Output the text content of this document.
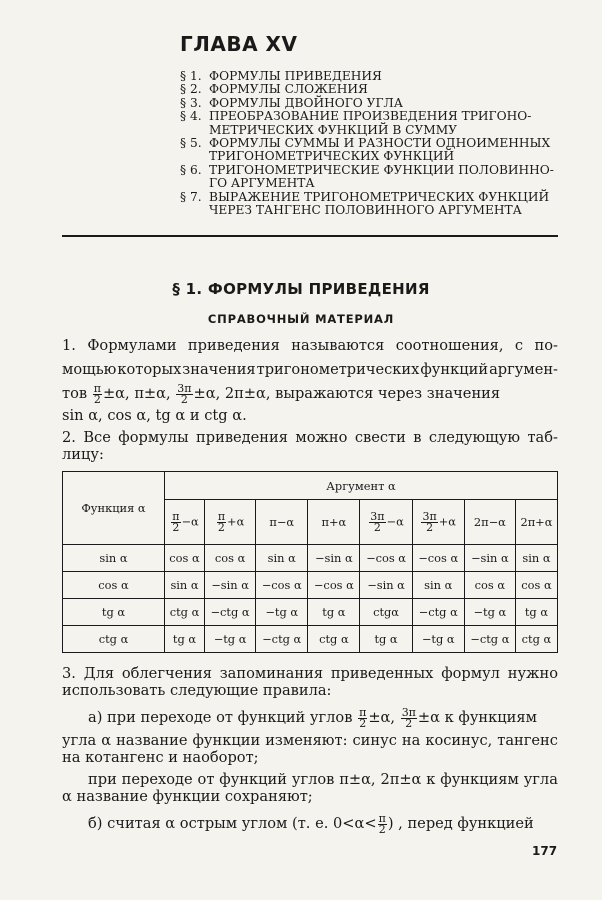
ГЛАВА XV
§ 1. ФОРМУЛЫ ПРИВЕДЕНИЯ
§ 2. ФОРМУЛЫ СЛОЖЕНИЯ
§ 3. ФОРМУЛЫ ДВОЙНОГО УГЛА
§ 4. ПРЕОБРАЗОВАНИЕ ПРОИЗВЕДЕНИЯ ТРИГОНО-
МЕТРИЧЕСКИХ ФУНКЦИЙ В СУММУ
§ 5. ФОРМУЛЫ СУММЫ И РАЗНОСТИ ОДНОИМЕННЫХ
ТРИГОНОМЕТРИЧЕСКИХ ФУНКЦИЙ
§ 6. ТРИГОНОМЕТРИЧЕСКИЕ ФУНКЦИИ ПОЛОВИННО-
ГО АРГУМЕНТА
§ 7. ВЫРАЖЕНИЕ ТРИГОНОМЕТРИЧЕСКИХ ФУНКЦИЙ
ЧЕРЕЗ ТАНГЕНС ПОЛОВИННОГО АРГУМЕНТА
§ 1. ФОРМУЛЫ ПРИВЕДЕНИЯ
СПРАВОЧНЫЙ МАТЕРИАЛ
1. Формулами приведения называются соотношения, с по-
мощью которых значения тригонометрических функций аргумен-
тов $\frac{\pi}{2} \pm\alpha$, π±α, $\frac{3\pi}{2} \pm\alpha$, 2π±α, выражаются через значения
sin α, cos α, tg α и ctg α.
2. Все формулы приведения можно свести в следующую таб-
лицу:
Функция α	Аргумент α							

	$\frac{\pi}{2} -\alpha$	$\frac{\pi}{2} +\alpha$	π−α	π+α	$\frac{3\pi}{2} -\alpha$	$\frac{3\pi}{2} +\alpha$	2π−α	2π+α
sin α	cos α	cos α	sin α	−sin α	−cos α	−cos α	−sin α	sin α
cos α	sin α	−sin α	−cos α	−cos α	−sin α	sin α	cos α	cos α
tg α	ctg α	−ctg α	−tg α	tg α	ctgα	−ctg α	−tg α	tg α
ctg α	tg α	−tg α	−ctg α	ctg α	tg α	−tg α	−ctg α	ctg α
3. Для облегчения запоминания приведенных формул нужно
использовать следующие правила:
а) при переходе от функций углов $\frac{\pi}{2} \pm\alpha$, $\frac{3\pi}{2} \pm\alpha$ к функциям
угла α название функции изменяют: синус на косинус, тангенс
на котангенс и наоборот;
при переходе от функций углов π±α, 2π±α к функциям угла
α название функции сохраняют;
б) считая α острым углом (т. е. $0<\alpha< \frac{\pi}{2}$ ) , перед функцией
177
